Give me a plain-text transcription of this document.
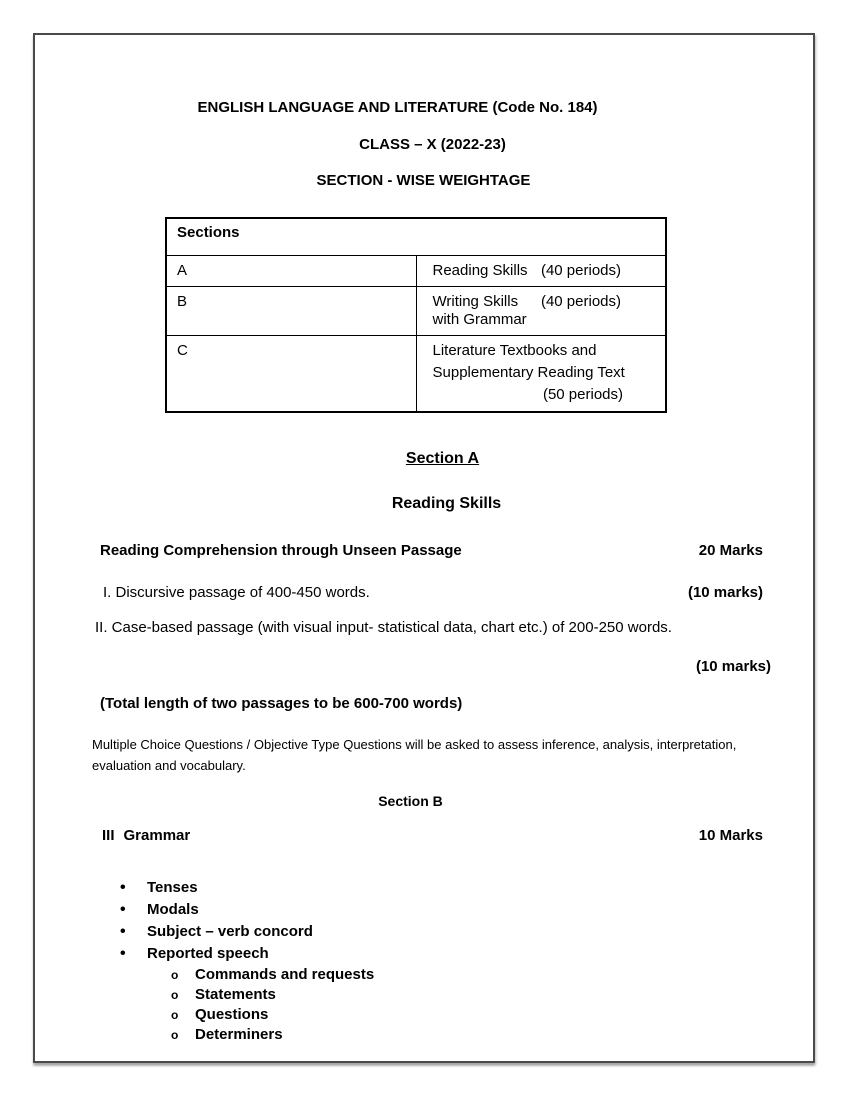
ENGLISH LANGUAGE AND LITERATURE (Code No. 184)
CLASS – X (2022-23)
SECTION - WISE WEIGHTAGE
Sections	
A	Reading Skills (40 periods)

B	Writing Skills with Grammar
(40 periods)

C	Literature Textbooks and Supplementary Reading Text
(50 periods)
Section A
Reading Skills
Reading Comprehension through Unseen Passage	20 Marks
I. Discursive passage of 400-450 words.	(10 marks)
II. Case-based passage (with visual input- statistical data, chart etc.) of 200-250 words.
(10 marks)
(Total length of two passages to be 600-700 words)
Multiple Choice Questions / Objective Type Questions will be asked to assess inference, analysis, interpretation, evaluation and vocabulary.
Section B
III Grammar	10 Marks
•	Tenses
•	Modals
•	Subject – verb concord
•	Reported speech
o	Commands and requests
o	Statements
o	Questions
o	Determiners
